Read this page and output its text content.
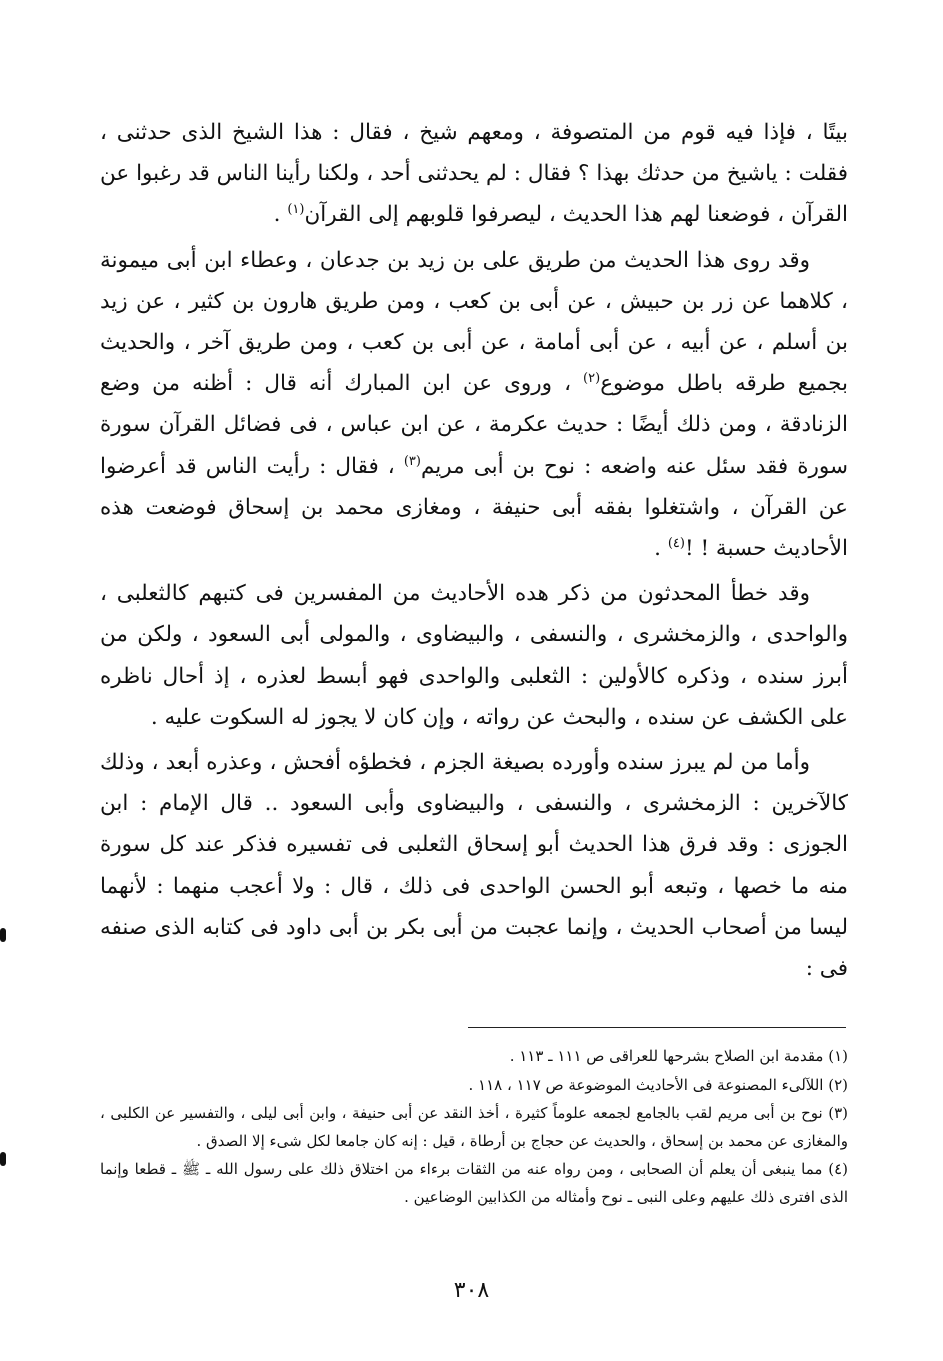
بيتًا ، فإذا فيه قوم من المتصوفة ، ومعهم شيخ ، فقال : هذا الشيخ الذى حدثنى ، فقلت : ياشيخ من حدثك بهذا ؟ فقال : لم يحدثنى أحد ، ولكنا رأينا الناس قد رغبوا عن القرآن ، فوضعنا لهم هذا الحديث ، ليصرفوا قلوبهم إلى القرآن$^{(١)}$ .

وقد روى هذا الحديث من طريق على بن زيد بن جدعان ، وعطاء ابن أبى ميمونة ، كلاهما عن زر بن حبيش ، عن أبى بن كعب ، ومن طريق هارون بن كثير ، عن زيد بن أسلم ، عن أبيه ، عن أبى أمامة ، عن أبى بن كعب ، ومن طريق آخر ، والحديث بجميع طرقه باطل موضوع$^{(٢)}$ ، وروى عن ابن المبارك أنه قال : أظنه من وضع الزنادقة ، ومن ذلك أيضًا : حديث عكرمة ، عن ابن عباس ، فى فضائل القرآن سورة سورة فقد سئل عنه واضعه : نوح بن أبى مريم$^{(٣)}$ ، فقال : رأيت الناس قد أعرضوا عن القرآن ، واشتغلوا بفقه أبى حنيفة ، ومغازى محمد بن إسحاق فوضعت هذه الأحاديث حسبة ! !$^{(٤)}$ .

وقد خطأ المحدثون من ذكر هده الأحاديث من المفسرين فى كتبهم كالثعلبى ، والواحدى ، والزمخشرى ، والنسفى ، والبيضاوى ، والمولى أبى السعود ، ولكن من أبرز سنده ، وذكره كالأولين : الثعلبى والواحدى فهو أبسط لعذره ، إذ أحال ناظره على الكشف عن سنده ، والبحث عن رواته ، وإن كان لا يجوز له السكوت عليه .

وأما من لم يبرز سنده وأورده بصيغة الجزم ، فخطؤه أفحش ، وعذره أبعد ، وذلك كالآخرين : الزمخشرى ، والنسفى ، والبيضاوى وأبى السعود .. قال الإمام : ابن الجوزى : وقد فرق هذا الحديث أبو إسحاق الثعلبى فى تفسيره فذكر عند كل سورة منه ما خصها ، وتبعه أبو الحسن الواحدى فى ذلك ، قال : ولا أعجب منهما : لأنهما ليسا من أصحاب الحديث ، وإنما عجبت من أبى بكر بن أبى داود فى كتابه الذى صنفه فى :

(١) مقدمة ابن الصلاح بشرحها للعراقى ص ١١١ ـ ١١٣ .
(٢) اللآلىء المصنوعة فى الأحاديث الموضوعة ص ١١٧ ، ١١٨ .
(٣) نوح بن أبى مريم لقب بالجامع لجمعه علوماً كثيرة ، أخذ النقد عن أبى حنيفة ، وابن أبى ليلى ، والتفسير عن الكلبى ، والمغازى عن محمد بن إسحاق ، والحديث عن حجاج بن أرطاة ، قيل : إنه كان جامعا لكل شىء إلا الصدق .
(٤) مما ينبغى أن يعلم أن الصحابى ، ومن رواه عنه من الثقات برءاء من اختلاق ذلك على رسول الله ـ ﷺ ـ قطعا وإنما الذى افترى ذلك عليهم وعلى النبى ـ نوح وأمثاله من الكذابين الوضاعين .
٣٠٨
